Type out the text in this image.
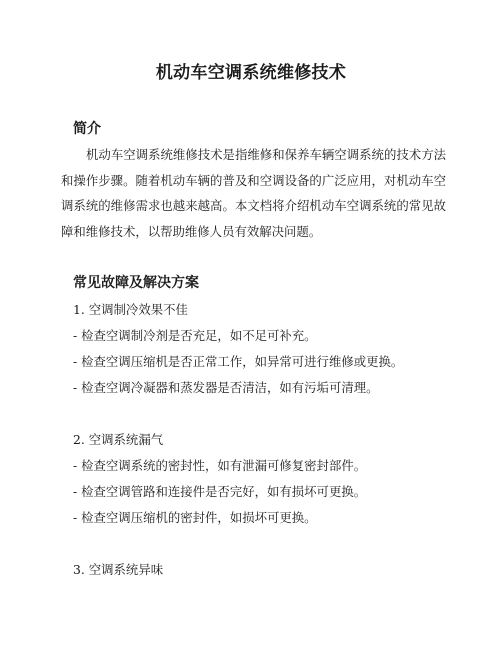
机动车空调系统维修技术
简介
机动车空调系统维修技术是指维修和保养车辆空调系统的技术方法和操作步骤。随着机动车辆的普及和空调设备的广泛应用，对机动车空调系统的维修需求也越来越高。本文档将介绍机动车空调系统的常见故障和维修技术，以帮助维修人员有效解决问题。
常见故障及解决方案
1. 空调制冷效果不佳
- 检查空调制冷剂是否充足，如不足可补充。
- 检查空调压缩机是否正常工作，如异常可进行维修或更换。
- 检查空调冷凝器和蒸发器是否清洁，如有污垢可清理。
2. 空调系统漏气
- 检查空调系统的密封性，如有泄漏可修复密封部件。
- 检查空调管路和连接件是否完好，如有损坏可更换。
- 检查空调压缩机的密封件，如损坏可更换。
3. 空调系统异味
